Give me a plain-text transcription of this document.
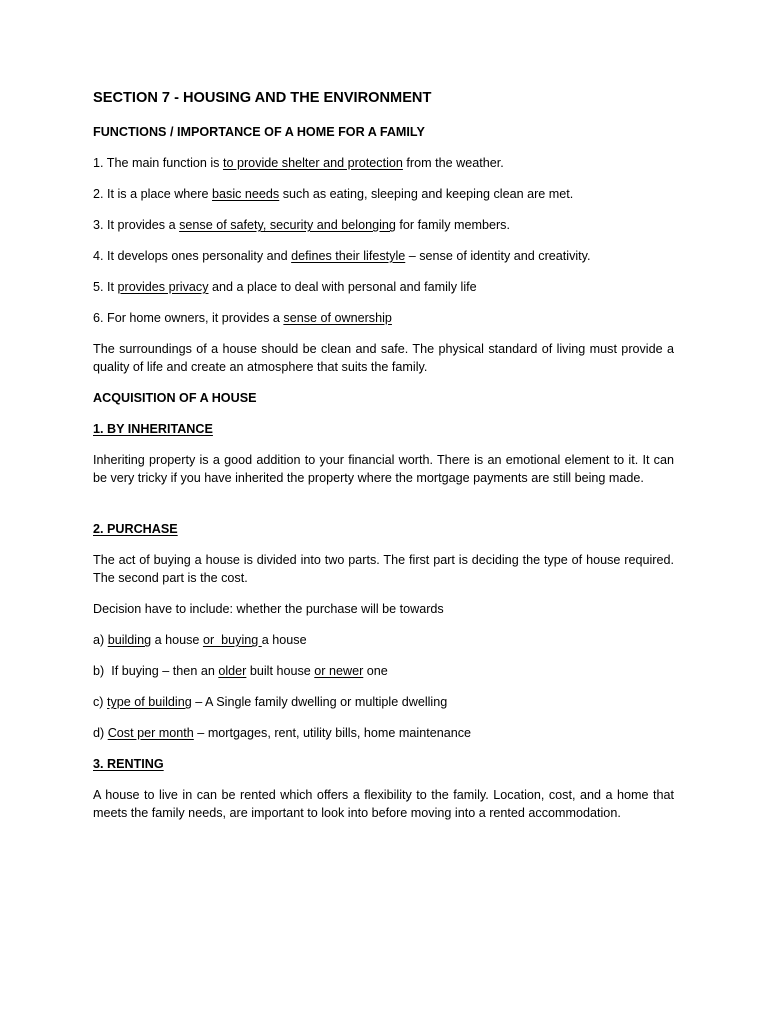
SECTION 7 - HOUSING AND THE ENVIRONMENT
FUNCTIONS / IMPORTANCE OF A HOME FOR A FAMILY
1. The main function is to provide shelter and protection from the weather.
2. It is a place where basic needs such as eating, sleeping and keeping clean are met.
3. It provides a sense of safety, security and belonging for family members.
4. It develops ones personality and defines their lifestyle – sense of identity and creativity.
5. It provides privacy and a place to deal with personal and family life
6. For home owners, it provides a sense of ownership
The surroundings of a house should be clean and safe. The physical standard of living must provide a quality of life and create an atmosphere that suits the family.
ACQUISITION OF A HOUSE
1. BY INHERITANCE
Inheriting property is a good addition to your financial worth. There is an emotional element to it. It can be very tricky if you have inherited the property where the mortgage payments are still being made.
2. PURCHASE
The act of buying a house is divided into two parts. The first part is deciding the type of house required. The second part is the cost.
Decision have to include: whether the purchase will be towards
a) building a house or  buying a house
b)  If buying – then an older built house or newer one
c) type of building – A Single family dwelling or multiple dwelling
d) Cost per month – mortgages, rent, utility bills, home maintenance
3. RENTING
A house to live in can be rented which offers a flexibility to the family. Location, cost, and a home that meets the family needs, are important to look into before moving into a rented accommodation.
